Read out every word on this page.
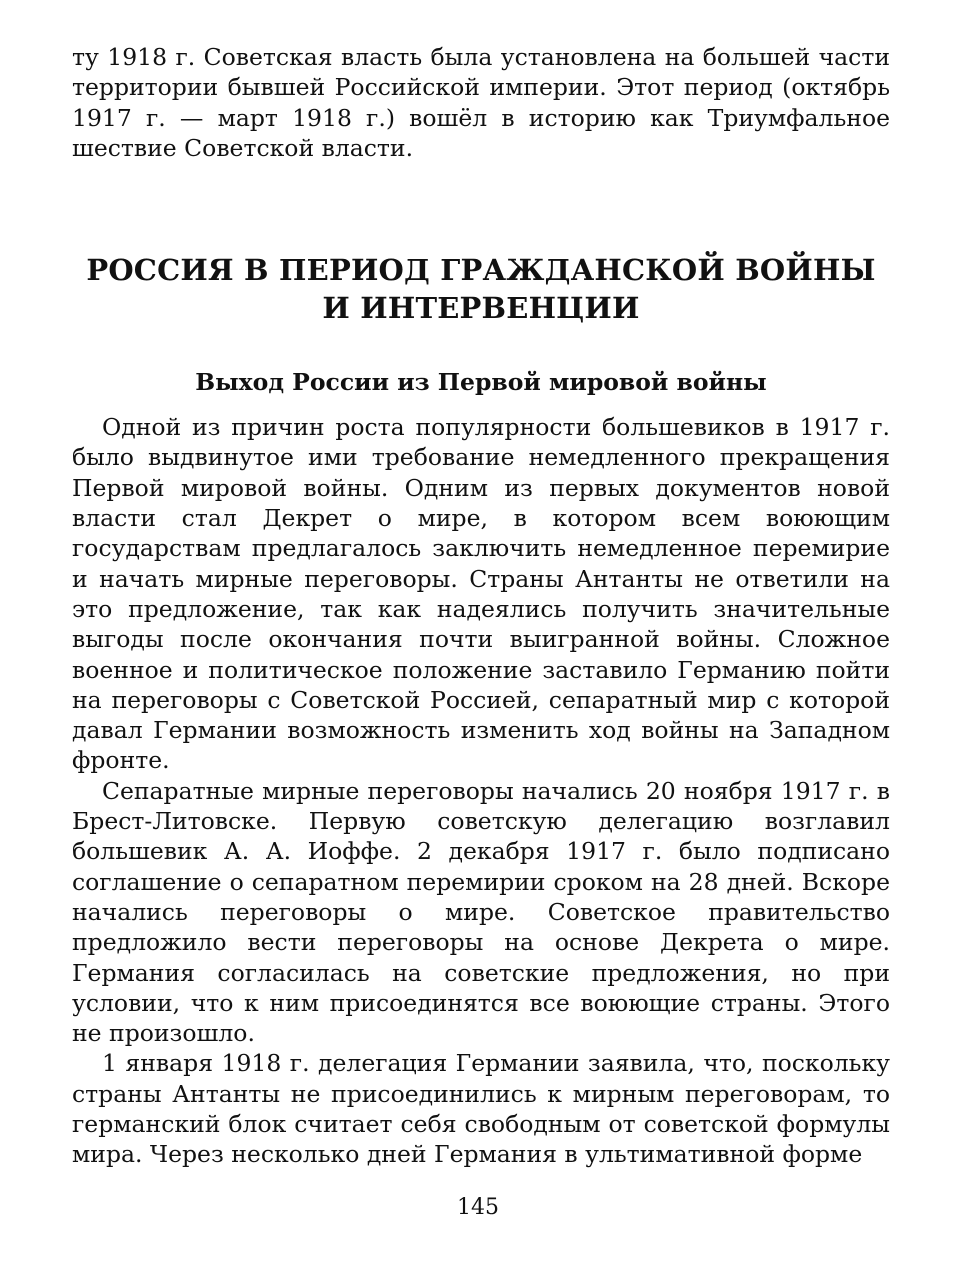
ту 1918 г. Советская власть была установлена на большей части территории бывшей Российской империи. Этот период (октябрь 1917 г. — март 1918 г.) вошёл в историю как Триумфальное шествие Советской власти.

РОССИЯ В ПЕРИОД ГРАЖДАНСКОЙ ВОЙНЫ
И ИНТЕРВЕНЦИИ
Выход России из Первой мировой войны

Одной из причин роста популярности большевиков в 1917 г. было выдвинутое ими требование немедленного прекращения Первой мировой войны. Одним из первых документов новой власти стал Декрет о мире, в котором всем воюющим государствам предлагалось заключить немедленное перемирие и начать мирные переговоры. Страны Антанты не ответили на это предложение, так как надеялись получить значительные выгоды после окончания почти выигранной войны. Сложное военное и политическое положение заставило Германию пойти на переговоры с Советской Россией, сепаратный мир с которой давал Германии возможность изменить ход войны на Западном фронте.

Сепаратные мирные переговоры начались 20 ноября 1917 г. в Брест-Литовске. Первую советскую делегацию возглавил большевик А. А. Иоффе. 2 декабря 1917 г. было подписано соглашение о сепаратном перемирии сроком на 28 дней. Вскоре начались переговоры о мире. Советское правительство предложило вести переговоры на основе Декрета о мире. Германия согласилась на советские предложения, но при условии, что к ним присоединятся все воюющие страны. Этого не произошло.

1 января 1918 г. делегация Германии заявила, что, поскольку страны Антанты не присоединились к мирным переговорам, то германский блок считает себя свободным от советской формулы мира. Через несколько дней Германия в ультимативной форме

145
